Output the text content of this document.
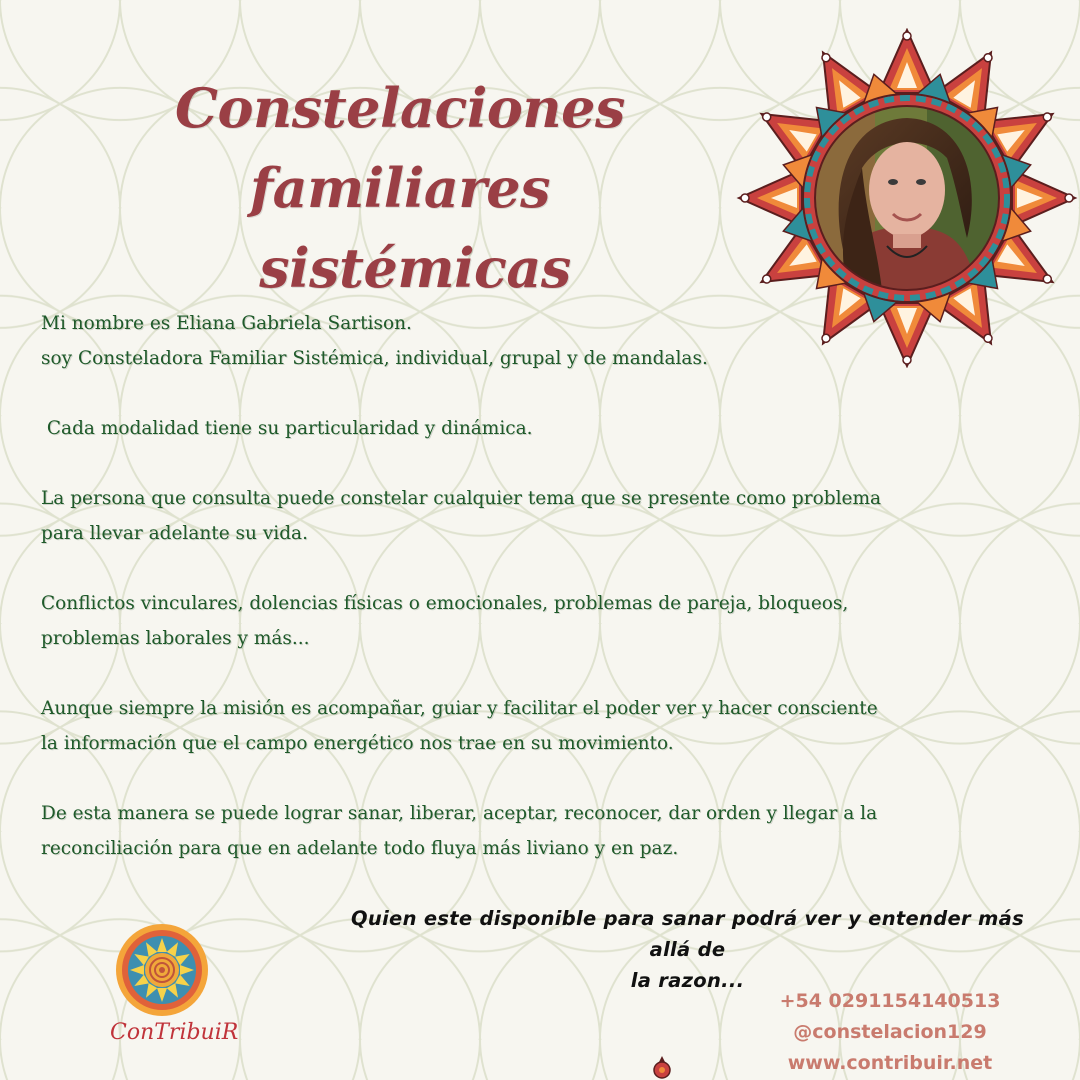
Constelaciones familiares
sistémicas

Mi nombre es Eliana Gabriela Sartison.
soy Consteladora Familiar Sistémica, individual, grupal y de mandalas.

Cada modalidad tiene su particularidad y dinámica.

La persona que consulta puede constelar cualquier tema que se presente como problema
para llevar adelante su vida.

Conflictos vinculares, dolencias físicas o emocionales, problemas de pareja, bloqueos,
problemas laborales y más...

Aunque siempre la misión es acompañar, guiar y facilitar el poder ver y hacer consciente
la información que el campo energético nos trae en su movimiento.

De esta manera se puede lograr sanar, liberar, aceptar, reconocer, dar orden y llegar a la
reconciliación para que en adelante todo fluya más liviano y en paz.

Quien este disponible para sanar podrá ver y entender más allá de
la razon...
ConTribuiR
+54 0291154140513
@constelacion129
www.contribuir.net
